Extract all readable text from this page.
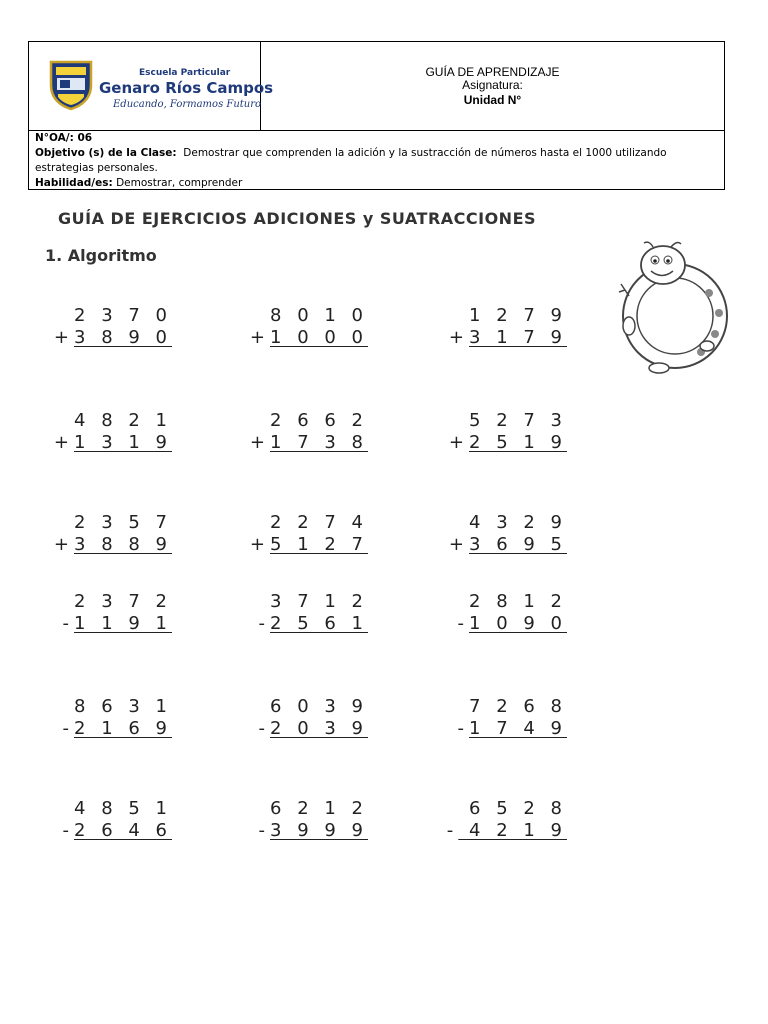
Escuela Particular
Genaro Ríos Campos
Educando, Formamos Futuro
GUÍA DE APRENDIZAJE
Asignatura:
Unidad N°
N°OA/: 06
Objetivo (s) de la Clase: Demostrar que comprenden la adición y la sustracción de números hasta el 1000 utilizando estrategias personales.
Habilidad/es: Demostrar, comprender
GUÍA DE EJERCICIOS ADICIONES y SUATRACCIONES
1. Algoritmo
2 3 7 0
+3 8 9 0
8 0 1 0
+1 0 0 0
1 2 7 9
+3 1 7 9
4 8 2 1
+1 3 1 9
2 6 6 2
+1 7 3 8
5 2 7 3
+2 5 1 9
2 3 5 7
+3 8 8 9
2 2 7 4
+5 1 2 7
4 3 2 9
+3 6 9 5
2 3 7 2
-1 1 9 1
3 7 1 2
-2 5 6 1
2 8 1 2
-1 0 9 0
8 6 3 1
-2 1 6 9
6 0 3 9
-2 0 3 9
7 2 6 8
-1 7 4 9
4 8 5 1
-2 6 4 6
6 2 1 2
-3 9 9 9
6 5 2 8
- 4 2 1 9
